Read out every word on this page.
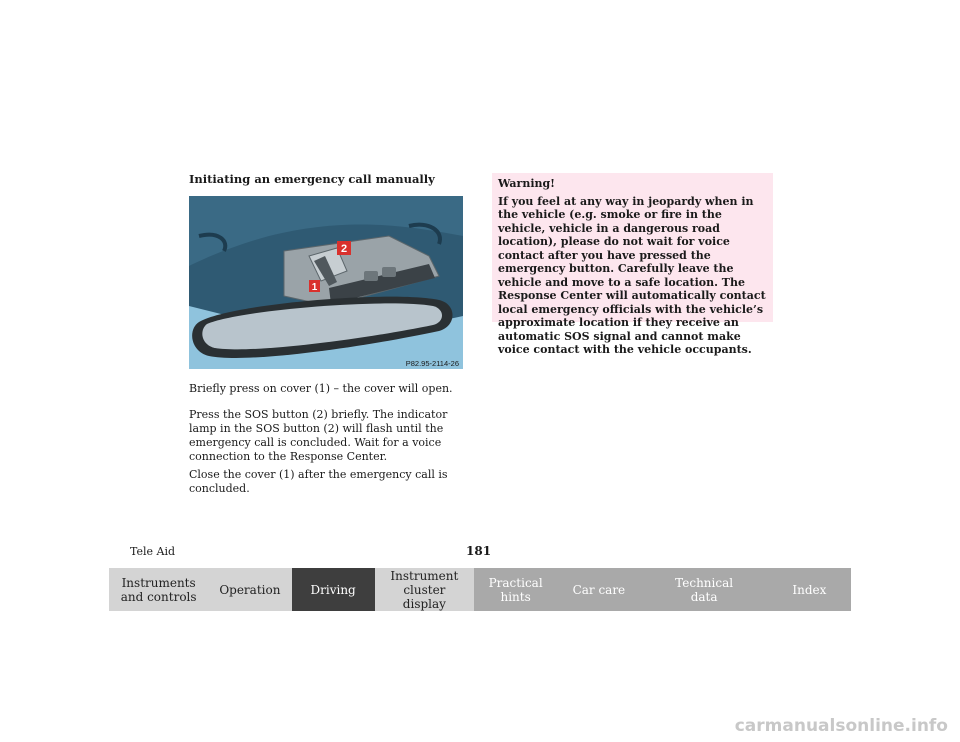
Initiating an emergency call manually
2
1
P82.95-2114-26

Briefly press on cover (1) – the cover will open.

Press the SOS button (2) briefly. The indicator lamp in the SOS button (2) will flash until the emergency call is concluded. Wait for a voice connection to the Response Center.

Close the cover (1) after the emergency call is concluded.

Warning!

If you feel at any way in jeopardy when in the vehicle (e.g. smoke or fire in the vehicle, vehicle in a dangerous road location), please do not wait for voice contact after you have pressed the emergency button. Carefully leave the vehicle and move to a safe location. The Response Center will automatically contact local emergency officials with the vehicle’s approximate location if they receive an automatic SOS signal and cannot make voice contact with the vehicle occupants.

Tele Aid	181
Instruments and controls	Operation	Driving
Instrument cluster display
Practical hints	Car care	Technical data	Index
carmanualsonline.info
